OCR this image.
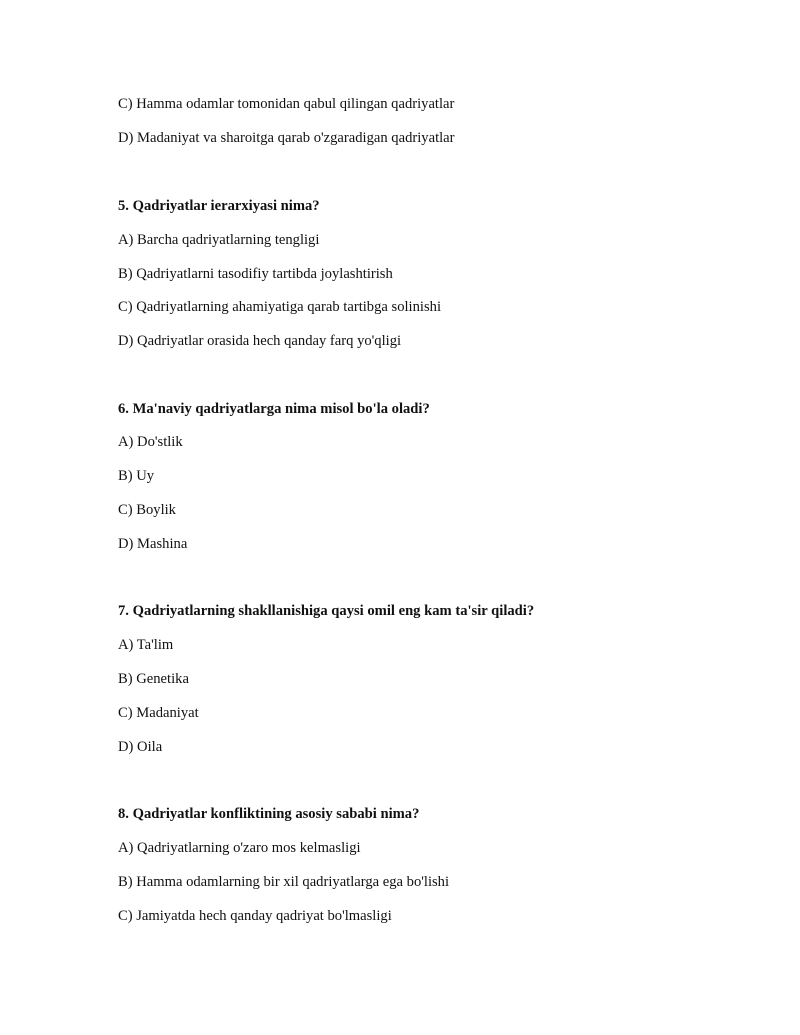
C) Hamma odamlar tomonidan qabul qilingan qadriyatlar
D) Madaniyat va sharoitga qarab o'zgaradigan qadriyatlar
5. Qadriyatlar ierarxiyasi nima?
A) Barcha qadriyatlarning tengligi
B) Qadriyatlarni tasodifiy tartibda joylashtirish
C) Qadriyatlarning ahamiyatiga qarab tartibga solinishi
D) Qadriyatlar orasida hech qanday farq yo'qligi
6. Ma'naviy qadriyatlarga nima misol bo'la oladi?
A) Do'stlik
B) Uy
C) Boylik
D) Mashina
7. Qadriyatlarning shakllanishiga qaysi omil eng kam ta'sir qiladi?
A) Ta'lim
B) Genetika
C) Madaniyat
D) Oila
8. Qadriyatlar konfliktining asosiy sababi nima?
A) Qadriyatlarning o'zaro mos kelmasligi
B) Hamma odamlarning bir xil qadriyatlarga ega bo'lishi
C) Jamiyatda hech qanday qadriyat bo'lmasligi
